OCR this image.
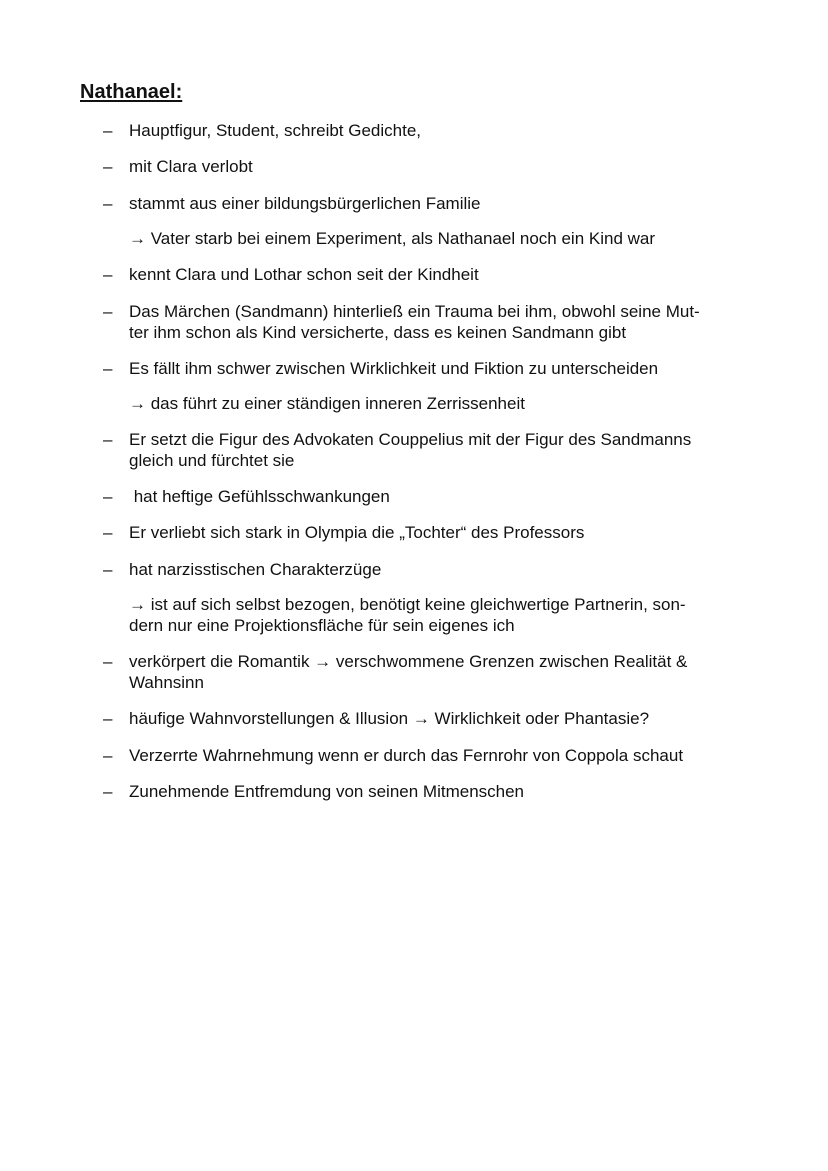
Nathanael:
– Hauptfigur, Student, schreibt Gedichte,
– mit Clara verlobt
– stammt aus einer bildungsbürgerlichen Familie
→ Vater starb bei einem Experiment, als Nathanael noch ein Kind war
– kennt Clara und Lothar schon seit der Kindheit
– Das Märchen (Sandmann) hinterließ ein Trauma bei ihm, obwohl seine Mut-
ter ihm schon als Kind versicherte, dass es keinen Sandmann gibt
– Es fällt ihm schwer zwischen Wirklichkeit und Fiktion zu unterscheiden
→ das führt zu einer ständigen inneren Zerrissenheit
– Er setzt die Figur des Advokaten Couppelius mit der Figur des Sandmanns
gleich und fürchtet sie
– hat heftige Gefühlsschwankungen
– Er verliebt sich stark in Olympia die „Tochter“ des Professors
– hat narzisstischen Charakterzüge
→ ist auf sich selbst bezogen, benötigt keine gleichwertige Partnerin, son-
dern nur eine Projektionsfläche für sein eigenes ich
– verkörpert die Romantik → verschwommene Grenzen zwischen Realität &
Wahnsinn
– häufige Wahnvorstellungen & Illusion → Wirklichkeit oder Phantasie?
– Verzerrte Wahrnehmung wenn er durch das Fernrohr von Coppola schaut
– Zunehmende Entfremdung von seinen Mitmenschen
